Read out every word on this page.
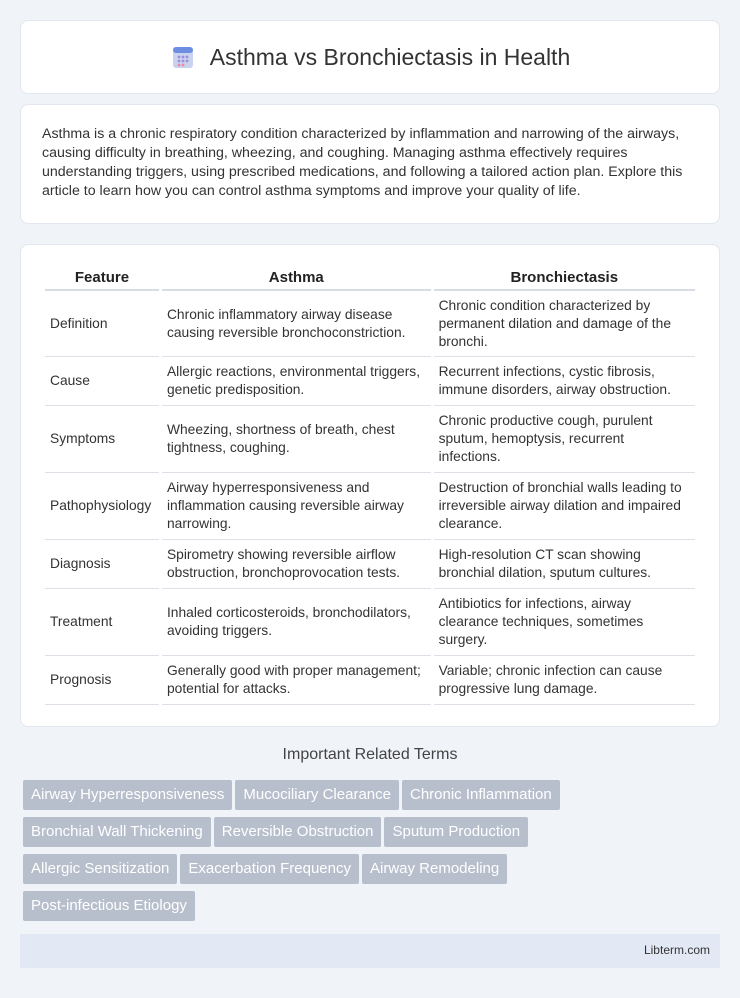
Asthma vs Bronchiectasis in Health

Asthma is a chronic respiratory condition characterized by inflammation and narrowing of the airways, causing difficulty in breathing, wheezing, and coughing. Managing asthma effectively requires understanding triggers, using prescribed medications, and following a tailored action plan. Explore this article to learn how you can control asthma symptoms and improve your quality of life.

Feature	Asthma	Bronchiectasis
Definition	Chronic inflammatory airway disease causing reversible bronchoconstriction.	Chronic condition characterized by permanent dilation and damage of the bronchi.
Cause	Allergic reactions, environmental triggers, genetic predisposition.	Recurrent infections, cystic fibrosis, immune disorders, airway obstruction.
Symptoms	Wheezing, shortness of breath, chest tightness, coughing.	Chronic productive cough, purulent sputum, hemoptysis, recurrent infections.
Pathophysiology	Airway hyperresponsiveness and inflammation causing reversible airway narrowing.	Destruction of bronchial walls leading to irreversible airway dilation and impaired clearance.
Diagnosis	Spirometry showing reversible airflow obstruction, bronchoprovocation tests.	High-resolution CT scan showing bronchial dilation, sputum cultures.
Treatment	Inhaled corticosteroids, bronchodilators, avoiding triggers.	Antibiotics for infections, airway clearance techniques, sometimes surgery.
Prognosis	Generally good with proper management; potential for attacks.	Variable; chronic infection can cause progressive lung damage.
Important Related Terms
Airway Hyperresponsiveness Mucociliary Clearance Chronic Inflammation
Bronchial Wall Thickening Reversible Obstruction Sputum Production
Allergic Sensitization Exacerbation Frequency Airway Remodeling
Post-infectious Etiology
Libterm.com
